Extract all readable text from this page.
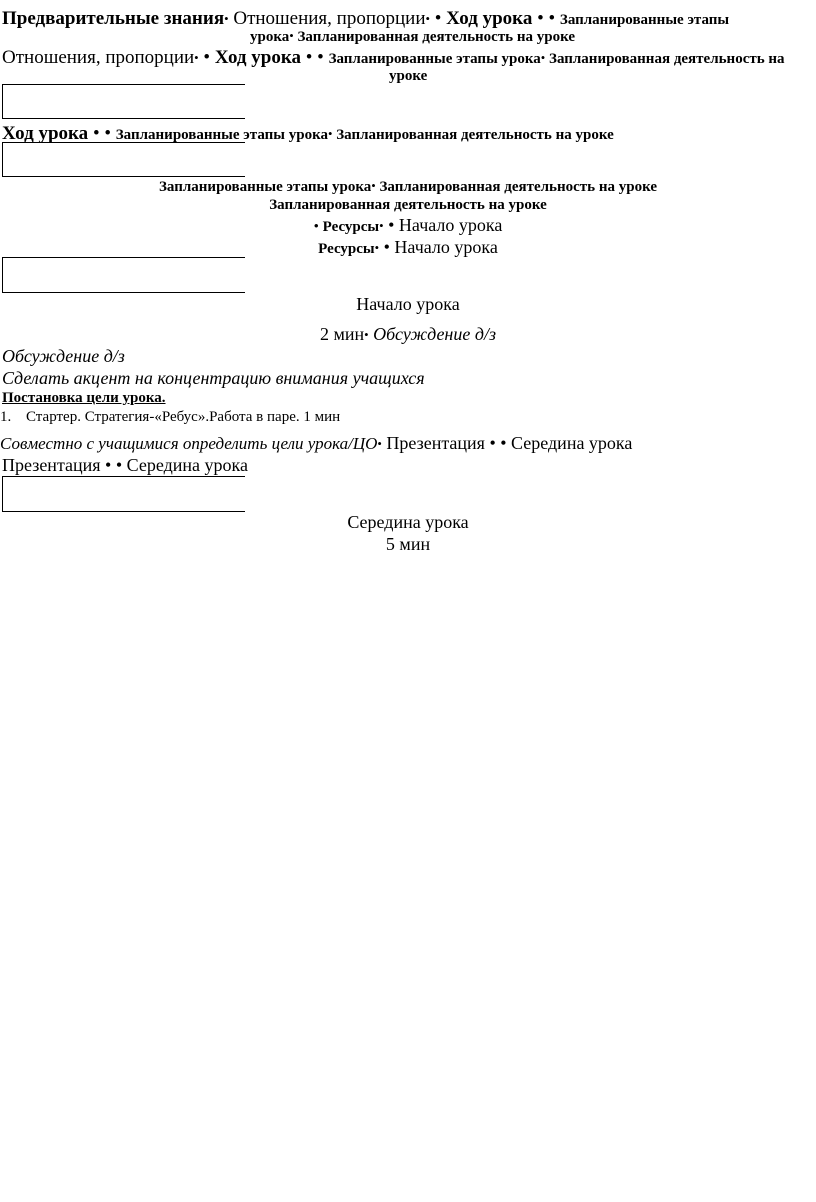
Предварительные знания• Отношения, пропорции• • Ход урока • • Запланированные этапы
урока• Запланированная деятельность на уроке
Отношения, пропорции• • Ход урока • • Запланированные этапы урока• Запланированная деятельность на
уроке
Ход урока • • Запланированные этапы урока• Запланированная деятельность на уроке
Запланированные этапы урока• Запланированная деятельность на уроке
Запланированная деятельность на уроке
• Ресурсы• • Начало урока
Ресурсы• • Начало урока
Начало урока
2 мин• Обсуждение д/з
Обсуждение д/з
Сделать акцент на концентрацию внимания учащихся
Постановка цели урока.
1. Стартер. Стратегия-«Ребус».Работа в паре. 1 мин
Совместно с учащимися определить цели урока/ЦО• Презентация • • Середина урока
Презентация • • Середина урока
Середина урока
5 мин
